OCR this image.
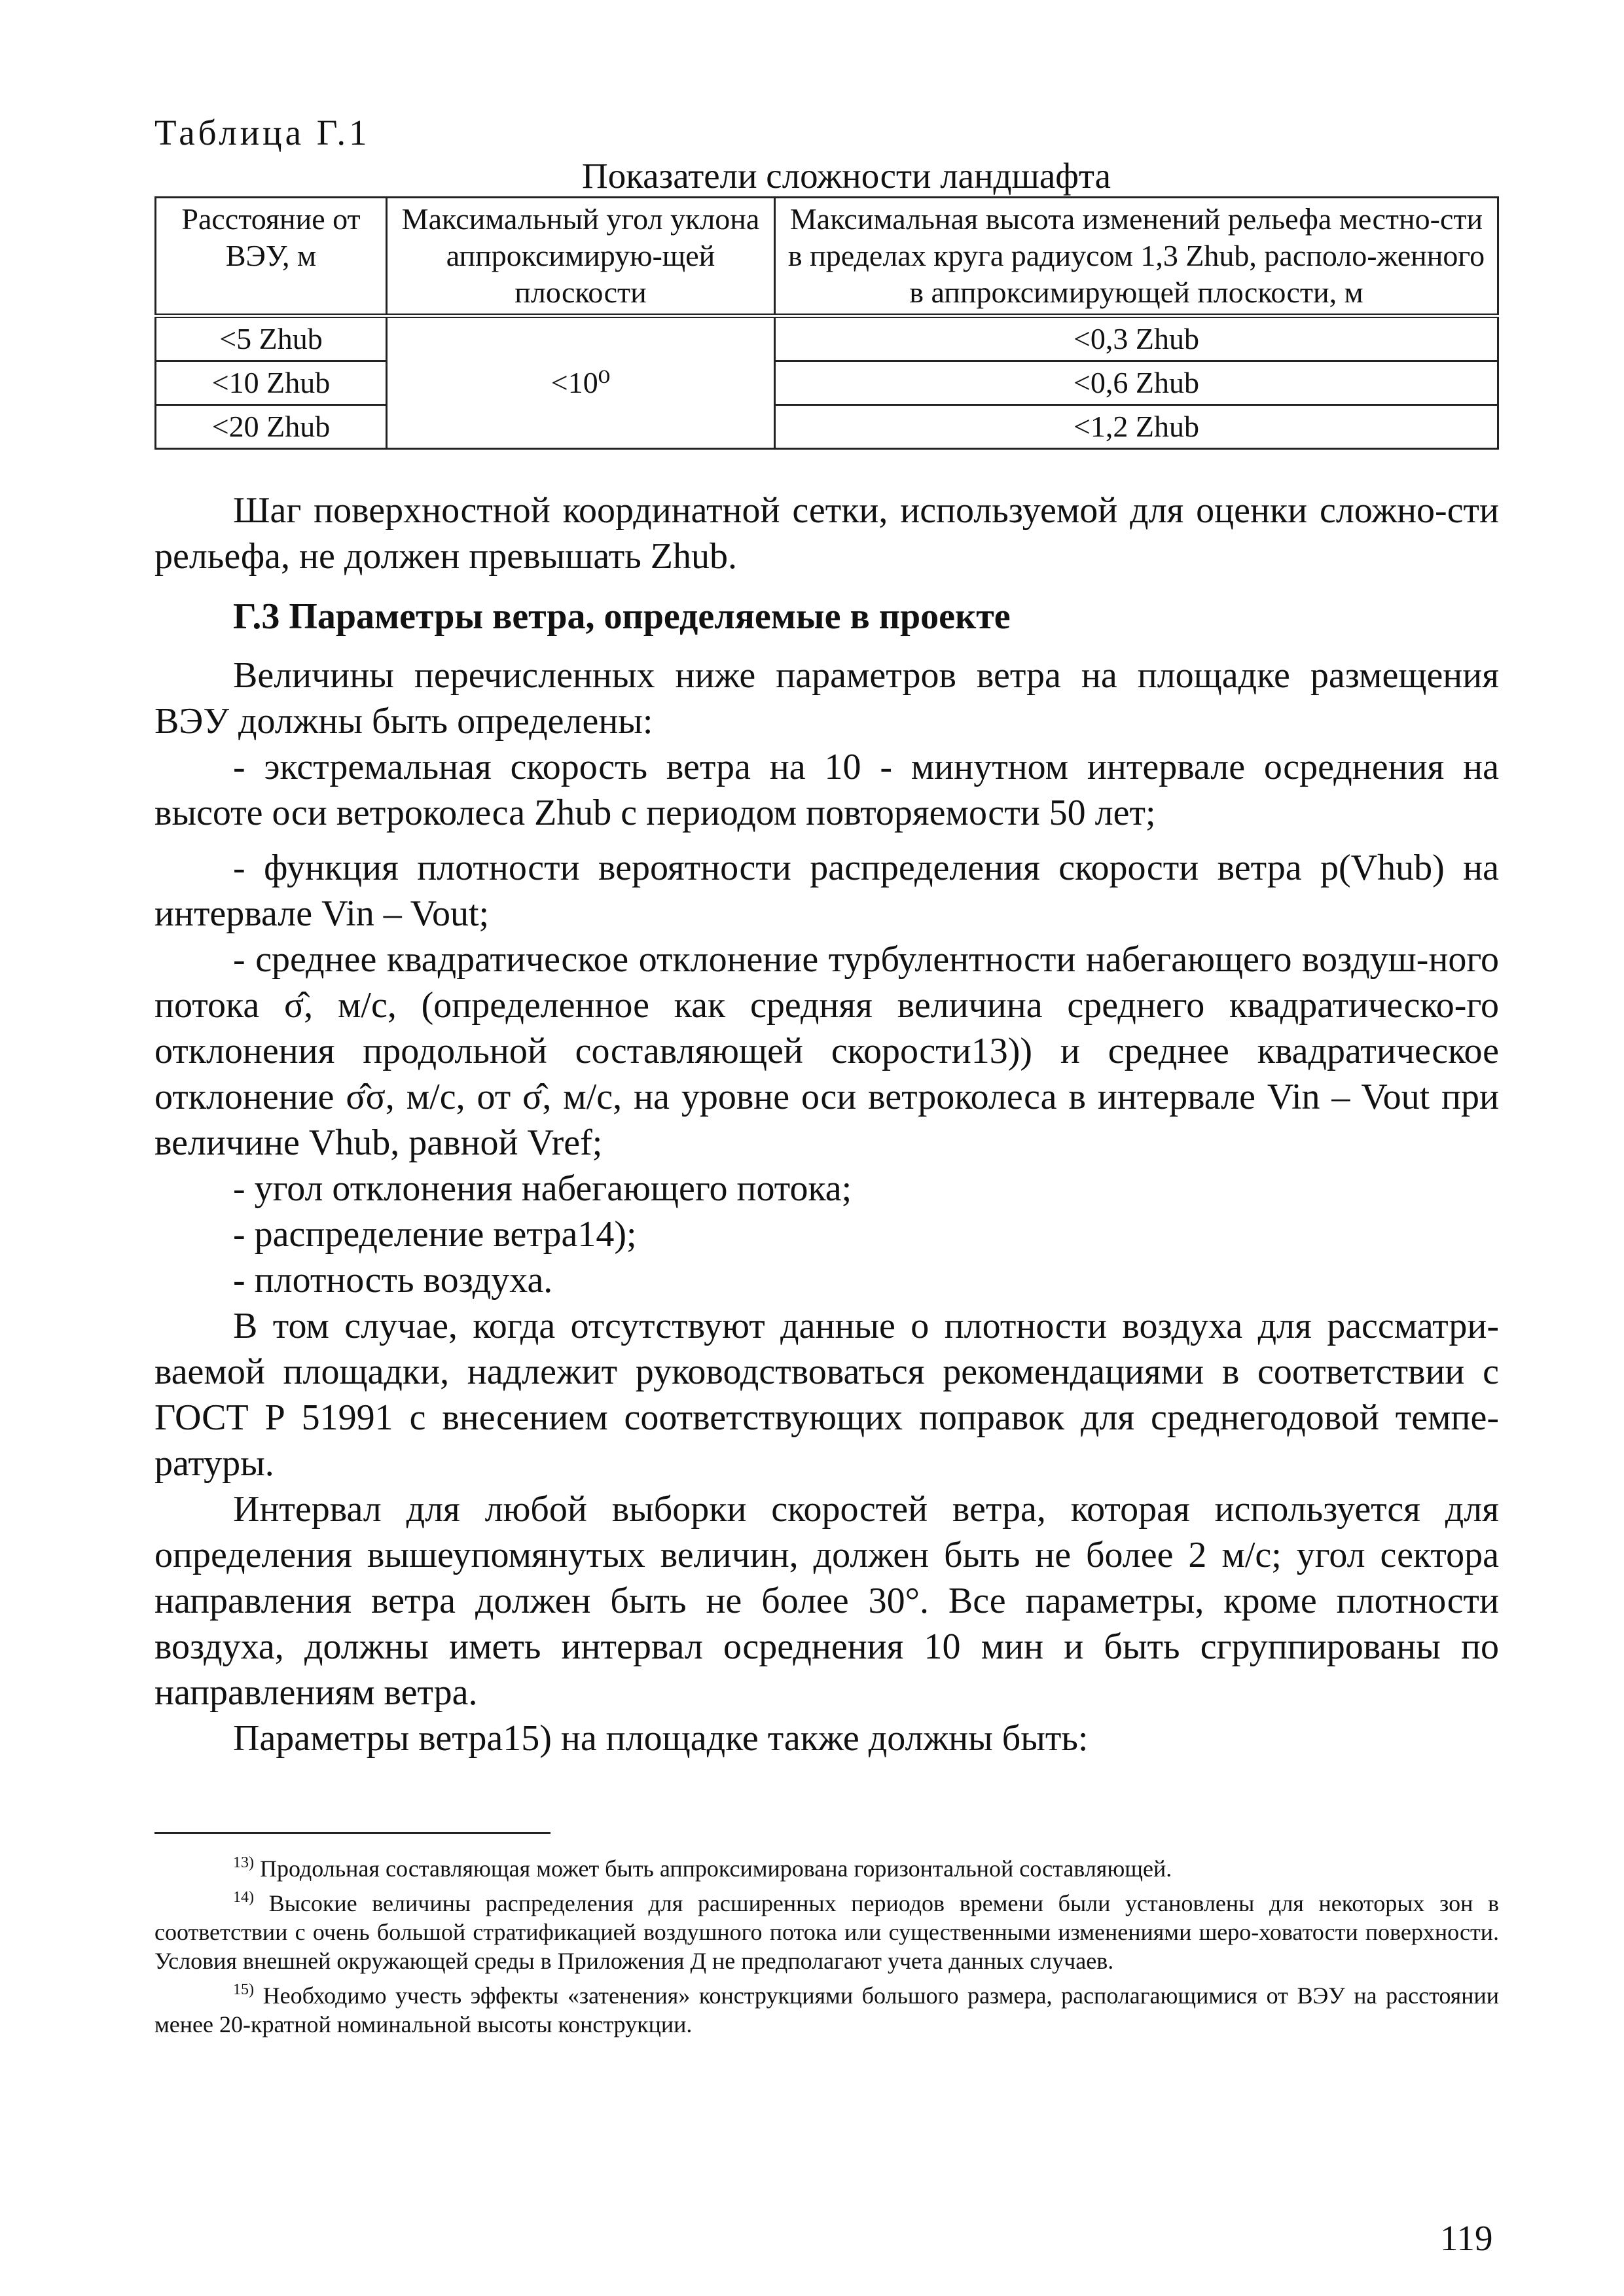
Таблица Г.1
Показатели сложности ландшафта
Расстояние от ВЭУ, м	Максимальный угол уклона аппроксимирую-щей плоскости	Максимальная высота изменений рельефа местно-сти в пределах круга радиусом 1,3 Zhub, располо-женного в аппроксимирующей плоскости, м
<5 Zhub	<10⁰	<0,3 Zhub
<10 Zhub		<0,6 Zhub
<20 Zhub		<1,2 Zhub

Шаг поверхностной координатной сетки, используемой для оценки сложно-сти рельефа, не должен превышать Zhub.

Г.3 Параметры ветра, определяемые в проекте

Величины перечисленных ниже параметров ветра на площадке размещения ВЭУ должны быть определены:

- экстремальная скорость ветра на 10 - минутном интервале осреднения на высоте оси ветроколеса Zhub с периодом повторяемости 50 лет;

- функция плотности вероятности распределения скорости ветра p(Vhub) на интервале Vin – Vout;

- среднее квадратическое отклонение турбулентности набегающего воздуш-ного потока σ̂, м/с, (определенное как средняя величина среднего квадратическо-го отклонения продольной составляющей скорости13)) и среднее квадратическое отклонение σ̂σ, м/с, от σ̂, м/с, на уровне оси ветроколеса в интервале Vin – Vout при величине Vhub, равной Vref;

- угол отклонения набегающего потока;

- распределение ветра14);

- плотность воздуха.

В том случае, когда отсутствуют данные о плотности воздуха для рассматри-ваемой площадки, надлежит руководствоваться рекомендациями в соответствии с ГОСТ Р 51991 с внесением соответствующих поправок для среднегодовой темпе-ратуры.

Интервал для любой выборки скоростей ветра, которая используется для определения вышеупомянутых величин, должен быть не более 2 м/с; угол сектора направления ветра должен быть не более 30°. Все параметры, кроме плотности воздуха, должны иметь интервал осреднения 10 мин и быть сгруппированы по направлениям ветра.

Параметры ветра15) на площадке также должны быть:

$^{13)}$ Продольная составляющая может быть аппроксимирована горизонтальной составляющей.

$^{14)}$ Высокие величины распределения для расширенных периодов времени были установлены для некоторых зон в соответствии с очень большой стратификацией воздушного потока или существенными изменениями шеро-ховатости поверхности. Условия внешней окружающей среды в Приложения Д не предполагают учета данных случаев.

$^{15)}$ Необходимо учесть эффекты «затенения» конструкциями большого размера, располагающимися от ВЭУ на расстоянии менее 20-кратной номинальной высоты конструкции.

119
